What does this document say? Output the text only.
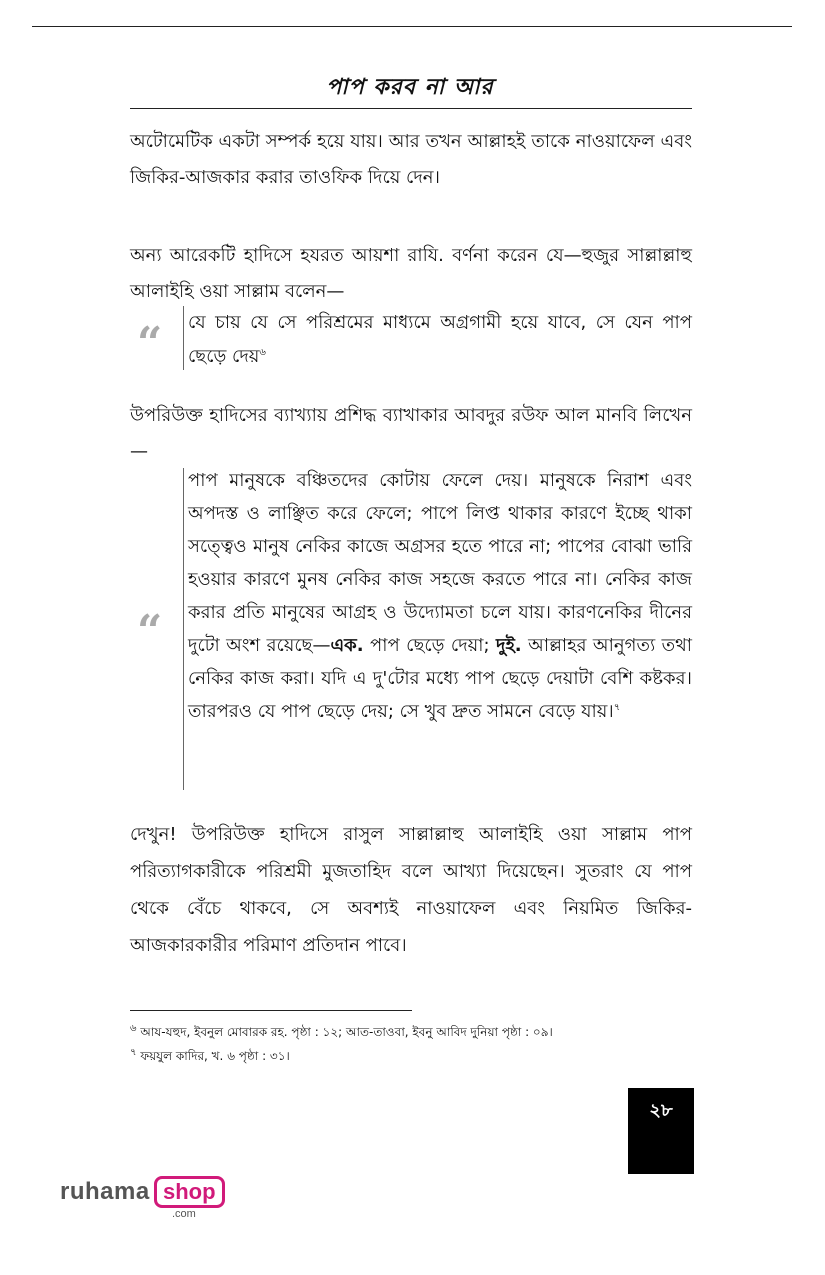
পাপ করব না আর

অটোমেটিক একটা সম্পর্ক হয়ে যায়। আর তখন আল্লাহই তাকে নাওয়াফেল এবং জিকির-আজকার করার তাওফিক দিয়ে দেন।

অন্য আরেকটি হাদিসে হযরত আয়শা রাযি. বর্ণনা করেন যে—হুজুর সাল্লাল্লাহু আলাইহি ওয়া সাল্লাম বলেন—

“ যে চায় যে সে পরিশ্রমের মাধ্যমে অগ্রগামী হয়ে যাবে, সে যেন পাপ ছেড়ে দেয়$^৬$

উপরিউক্ত হাদিসের ব্যাখ্যায় প্রশিদ্ধ ব্যাখাকার আবদুর রউফ আল মানবি লিখেন—

“

পাপ মানুষকে বঞ্চিতদের কোটায় ফেলে দেয়। মানুষকে নিরাশ এবং অপদস্ত ও লাঞ্ছিত করে ফেলে; পাপে লিপ্ত থাকার কারণে ইচ্ছে থাকা সত্ত্বেও মানুষ নেকির কাজে অগ্রসর হতে পারে না; পাপের বোঝা ভারি হওয়ার কারণে মুনষ নেকির কাজ সহজে করতে পারে না। নেকির কাজ করার প্রতি মানুষের আগ্রহ ও উদ্যোমতা চলে যায়। কারণনেকির দীনের দুটো অংশ রয়েছে—এক. পাপ ছেড়ে দেয়া; দুই. আল্লাহর আনুগত্য তথা নেকির কাজ করা। যদি এ দু'টোর মধ্যে পাপ ছেড়ে দেয়াটা বেশি কষ্টকর। তারপরও যে পাপ ছেড়ে দেয়; সে খুব দ্রুত সামনে বেড়ে যায়।$^৭$

দেখুন! উপরিউক্ত হাদিসে রাসুল সাল্লাল্লাহু আলাইহি ওয়া সাল্লাম পাপ পরিত্যাগকারীকে পরিশ্রমী মুজতাহিদ বলে আখ্যা দিয়েছেন। সুতরাং যে পাপ থেকে বেঁচে থাকবে, সে অবশ্যই নাওয়াফেল এবং নিয়মিত জিকির-আজকারকারীর পরিমাণ প্রতিদান পাবে।

$^৬$ আয-যহুদ, ইবনুল মোবারক রহ. পৃষ্ঠা : ১২; আত-তাওবা, ইবনু আবিদ দুনিয়া পৃষ্ঠা : ০৯।
$^৭$ ফয়যুল কাদির, খ. ৬ পৃষ্ঠা : ৩১।
২৮
ruhama shop
.com
